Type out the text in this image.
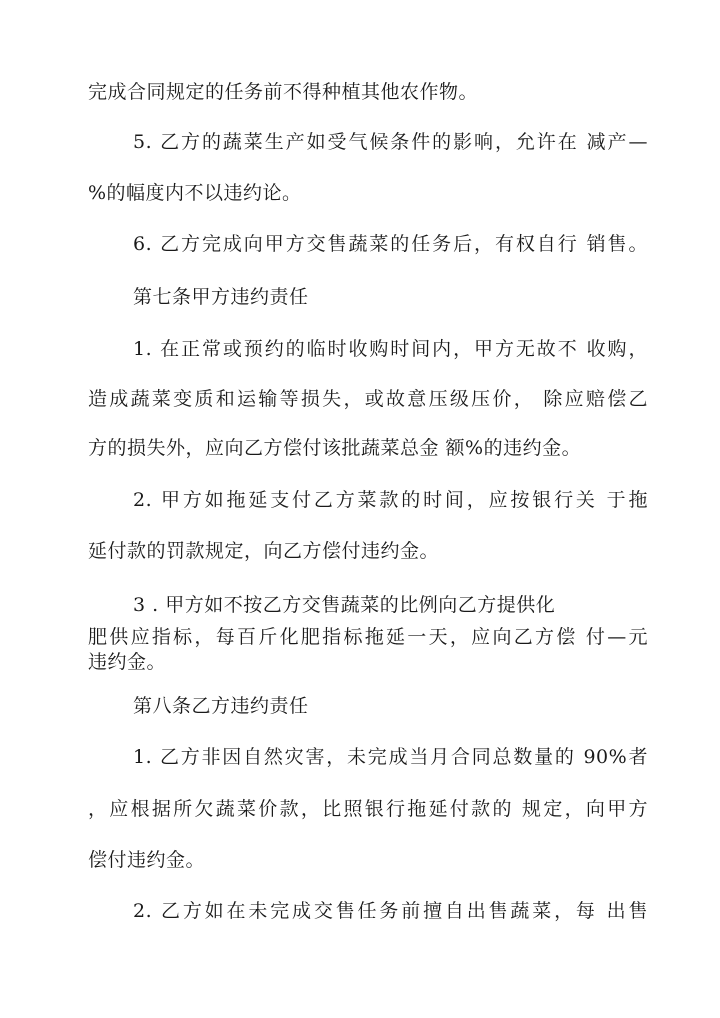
完成合同规定的任务前不得种植其他农作物。
5. 乙方的蔬菜生产如受气候条件的影响，允许在 减产—
%的幅度内不以违约论。
6. 乙方完成向甲方交售蔬菜的任务后，有权自行 销售。
第七条甲方违约责任
1. 在正常或预约的临时收购时间内，甲方无故不 收购，
造成蔬菜变质和运输等损失，或故意压级压价， 除应赔偿乙
方的损失外，应向乙方偿付该批蔬菜总金 额%的违约金。
2. 甲方如拖延支付乙方菜款的时间，应按银行关 于拖
延付款的罚款规定，向乙方偿付违约金。
3 . 甲方如不按乙方交售蔬菜的比例向乙方提供化
肥供应指标，每百斤化肥指标拖延一天，应向乙方偿 付—元
违约金。
第八条乙方违约责任
1. 乙方非因自然灾害，未完成当月合同总数量的 90%者
，应根据所欠蔬菜价款，比照银行拖延付款的 规定，向甲方
偿付违约金。
2. 乙方如在未完成交售任务前擅自出售蔬菜，每 出售
